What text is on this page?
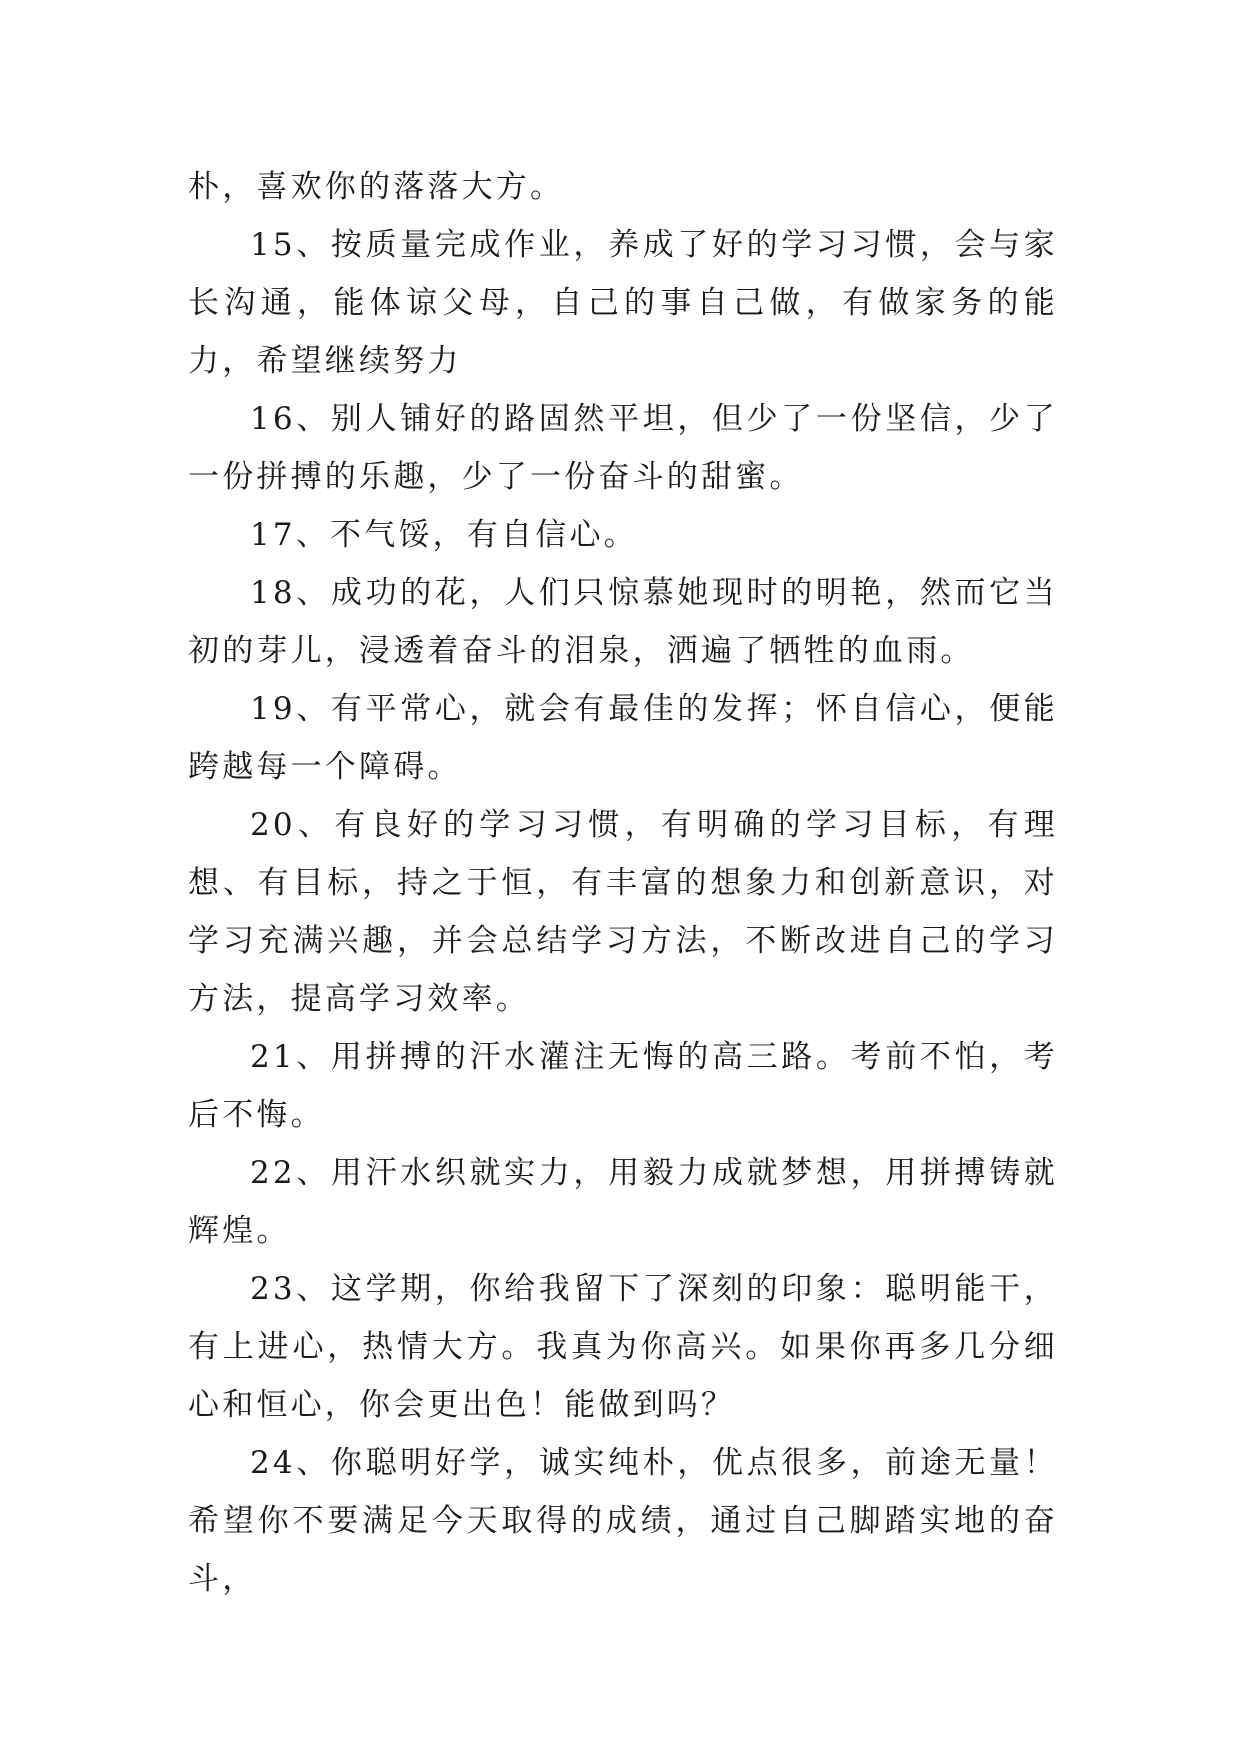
朴，喜欢你的落落大方。

15、按质量完成作业，养成了好的学习习惯，会与家长沟通，能体谅父母，自己的事自己做，有做家务的能力，希望继续努力

16、别人铺好的路固然平坦，但少了一份坚信，少了一份拼搏的乐趣，少了一份奋斗的甜蜜。

17、不气馁，有自信心。

18、成功的花，人们只惊慕她现时的明艳，然而它当初的芽儿，浸透着奋斗的泪泉，洒遍了牺牲的血雨。

19、有平常心，就会有最佳的发挥；怀自信心，便能跨越每一个障碍。

20、有良好的学习习惯，有明确的学习目标，有理想、有目标，持之于恒，有丰富的想象力和创新意识，对学习充满兴趣，并会总结学习方法，不断改进自己的学习方法，提高学习效率。

21、用拼搏的汗水灌注无悔的高三路。考前不怕，考后不悔。

22、用汗水织就实力，用毅力成就梦想，用拼搏铸就辉煌。

23、这学期，你给我留下了深刻的印象：聪明能干，有上进心，热情大方。我真为你高兴。如果你再多几分细心和恒心，你会更出色！能做到吗？

24、你聪明好学，诚实纯朴，优点很多，前途无量！希望你不要满足今天取得的成绩，通过自己脚踏实地的奋斗，
